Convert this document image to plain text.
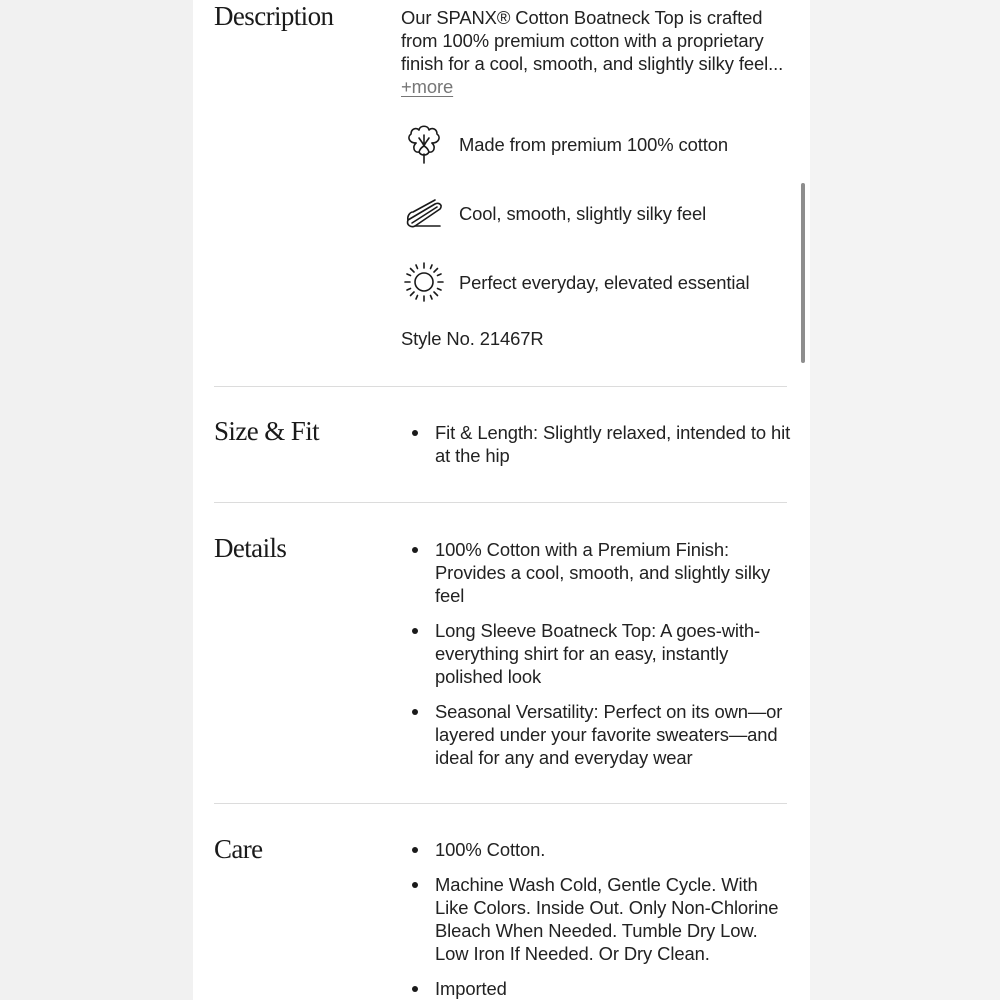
Description	Our SPANX® Cotton Boatneck Top is crafted from 100% premium cotton with a proprietary finish for a cool, smooth, and slightly silky feel...
+more
Made from premium 100% cotton
Cool, smooth, slightly silky feel
Perfect everyday, elevated essential
Style No. 21467R
Size & Fit	Fit & Length: Slightly relaxed, intended to hit at the hip
Details	100% Cotton with a Premium Finish: Provides a cool, smooth, and slightly silky feel
Long Sleeve Boatneck Top: A goes-with-everything shirt for an easy, instantly polished look
Seasonal Versatility: Perfect on its own—or layered under your favorite sweaters—and ideal for any and everyday wear
Care	100% Cotton.
Machine Wash Cold, Gentle Cycle. With Like Colors. Inside Out. Only Non-Chlorine Bleach When Needed. Tumble Dry Low. Low Iron If Needed. Or Dry Clean.
Imported
